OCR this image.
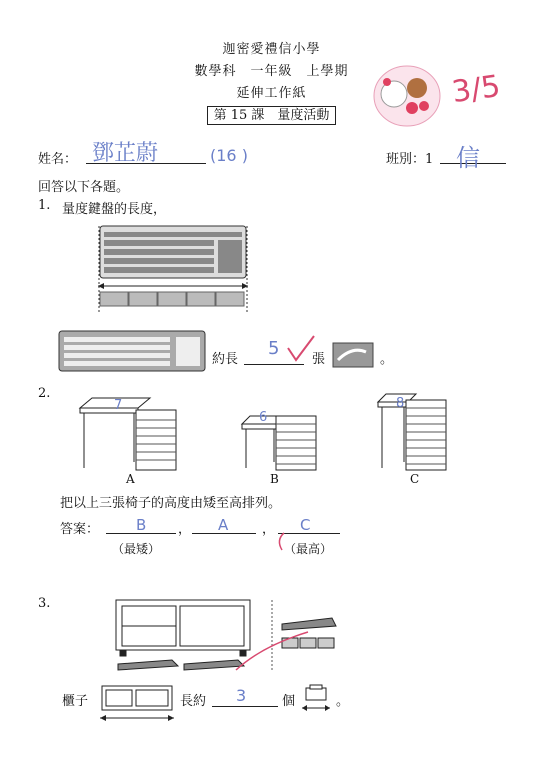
迦密愛禮信小學
數學科　一年級　上學期
延伸工作紙
第 15 課　量度活動
3/5
姓名： 鄧芷蔚	(16 )	班別：1 信
回答以下各題。
1. 量度鍵盤的長度，
約長
5
張	。
2.
7
6
8
A	B	C
把以上三張椅子的高度由矮至高排列。
答案： B ， A	， C
（最矮）	（最高）
3.
櫃子	長約 3	個	。
